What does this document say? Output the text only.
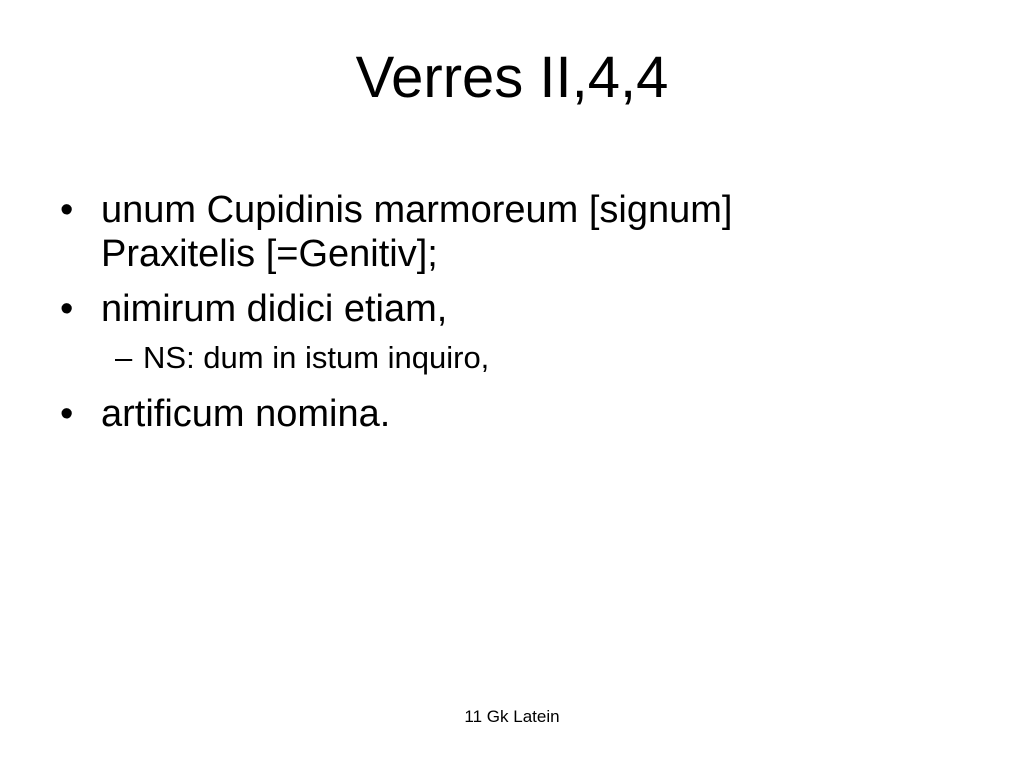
Verres II,4,4
• unum Cupidinis marmoreum [signum]
Praxitelis [=Genitiv];
• nimirum didici etiam,
– NS: dum in istum inquiro,
• artificum nomina.
11 Gk Latein
